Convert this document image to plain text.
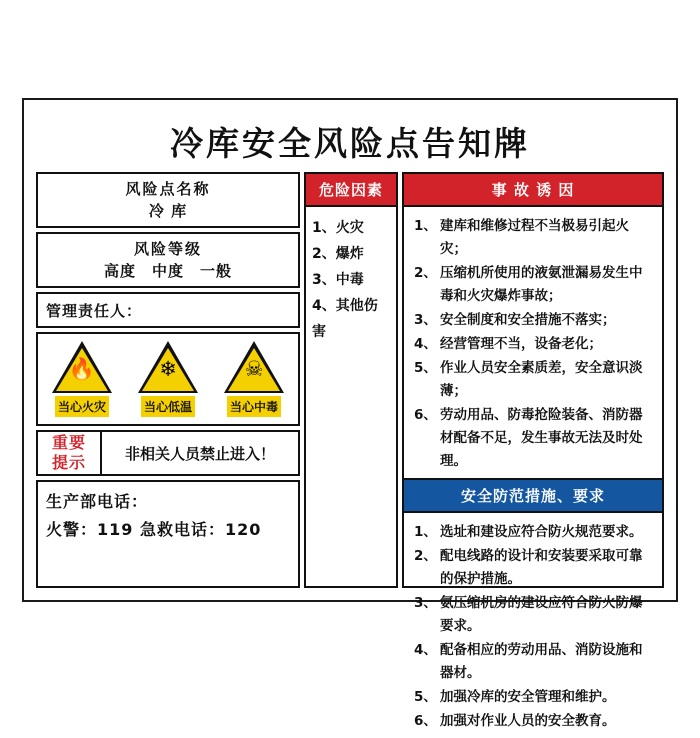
冷库安全风险点告知牌
风险点名称
冷 库
风险等级
高度　中度　一般　
管理责任人：
🔥
当心火灾
❄
当心低温
☠
当心中毒
重要
提示	非相关人员禁止进入！
生产部电话：
火警：119 急救电话：120
危险因素
1、火灾
2、爆炸
3、中毒
4、其他伤害
事 故 诱 因
1、 建库和维修过程不当极易引起火灾；
2、 压缩机所使用的液氨泄漏易发生中毒和火灾爆炸事故；
3、 安全制度和安全措施不落实；
4、 经营管理不当，设备老化；
5、 作业人员安全素质差，安全意识淡薄；
6、 劳动用品、防毒抢险装备、消防器材配备不足，发生事故无法及时处理。
安全防范措施、要求
1、 选址和建设应符合防火规范要求。
2、 配电线路的设计和安装要采取可靠的保护措施。
3、 氨压缩机房的建设应符合防火防爆要求。
4、 配备相应的劳动用品、消防设施和器材。
5、 加强冷库的安全管理和维护。
6、 加强对作业人员的安全教育。
